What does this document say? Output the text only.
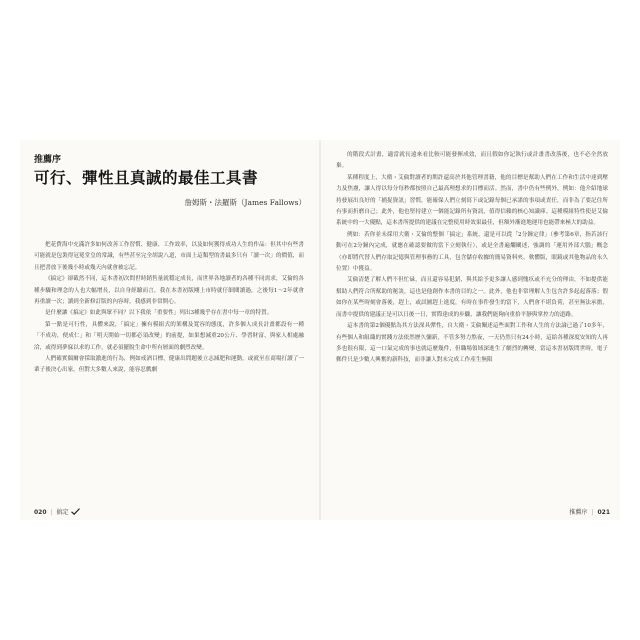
推薦序
可行、彈性且真誠的最佳工具書
詹姆斯・法羅斯（James Fallows）

把花費海中充滿許多如何改善工作習慣、健康、工作效率，以及如何獲得成功人生的作品：但其中有些書可能就是包裝得冠冕堂皇的常識，有些甚至完全胡說八道，市面上這類型的書最多只有「讀一次」的價值，而且把書放下後幾小時或幾天內就會被忘記。

《搞定》卻截然不同，這本書初次問世時銷售量就穩定成長，而世界各地讀者的各種不同需求，艾倫的各種步驟和理念的人也大幅增長，以自身經驗而言，我在本書初版剛上市時就仔細閱讀過，之後每1～2年就會再重讀一次；讀到全新修訂版的內容時，我感到非常開心。

是什麼讓《搞定》如此與眾不同？以下我依「重要性」列出3種幾乎存在書中每一章的特質。

第一點是可行性，具體來說，「搞定」擁有模組式的架構及寬容的態度，許多個人成長計畫都設有一種「不成功，便成仁」和「明天開始一切都必須改變」的前提，如果想減重20公斤、學習財富，與家人相處融洽，或得到夢寐以求的工作，就必須擺脫生命中所有層面的劇烈改變。

人們確實偶爾會採取激進的行為，例如戒酒目標，健康出問題後立志減肥和運動，或就至在商場打讀了一輩子後決心出家，但對大多數人來說，能容忍戲劇

的階段式計畫，適當就長遠來看比較可能發揮成效，而且假如你記執行或計畫書改落後，也不必全然放棄。

某種程度上，大衛・艾倫對讀者的期許還高於其他管理書籍，他的目標是幫助人們在工作和生活中達到壓力及焦慮，讓人得以每分每秒都按照自己最高理想求的目標而活。然而，書中仍有些例外，例如：他介紹地球持發展出良好的「捕捉資訊」習慣，能確保人們立刻寫下或記錄每個已承諾的事項或責任，而非為了要記住所有事而折磨自己；此外，他也堅持建立一個能記錄所有資訊，值得信賴的核心知識庫。這種模組特性使是艾倫系統中的一大優點，這本書所提供的建議在完整使用時效果最佳，但額外漸進地運用也能帶來極大的助益。

例如：若你並未採用大衛・艾倫的整個「搞定」系統，還是可以從「2分鐘定律」（參考第6章，指若該行動可在2分鐘內完成，就應在確認要做的當下立刻執行），或是全書遍爛闡述，強調的「運用外部大腦」概念（亦即將代替人們存取記憶與管理事務的工具，包含儲存收據的簡易資料夾、軟體版，眼鏡或其他物品的永久位置）中獲益。

艾倫清楚了解人們不但忙碌，而且還容易犯錯，與其給予更多讓人感到愧疚或不充分的理由，不如提供能幫助人們符合所幫助的秘訣，這也是他創作本書的目的之一。此外，他也非常理解人生包含許多起起落落；假如你在某些時刻會落後，趕上，或試圖趕上進度，有時在事件發生的當下，人們會不堪負荷，甚至無法承擔，而書中提供的建議正是可以日後一日，實際達成的步驟，讓我們能夠向重拾平靜與掌控力的道路。

這本書的第2個優點為其方法深具彈性，自大衛・艾倫闡述這些面對工作和人生的方法論已過了10多年，有些個人和組織的實踐方法依然歷久彌新，不管多努力熬夜，一天仍然只有24小時，這給各種深度安知的人再多也很有限，這一口氣完成的事也就這麼幾件，但職場領域深進生了劇烈的轉變，當這本書初版問世時，電子郵件只是少數人興奮的新科技，而非讓人對未完成工作產生無限

020 | 搞定	推薦序 | 021
